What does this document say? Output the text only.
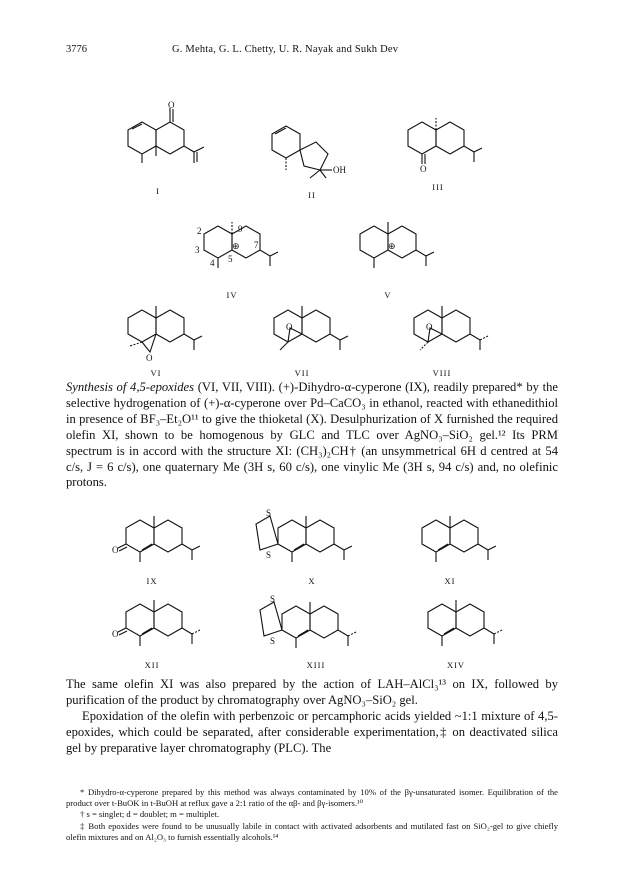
3776	G. Mehta, G. L. Chetty, U. R. Nayak and Sukh Dev
O
I
OH
II
O
III
⊕
2
3
4 5
7
9
IV
⊕
V
O
VI
O
VII
O
VIII

Synthesis of 4,5-epoxides (VI, VII, VIII). (+)-Dihydro-α-cyperone (IX), readily prepared* by the selective hydrogenation of (+)-α-cyperone over Pd–CaCO₃ in ethanol, reacted with ethanedithiol in presence of BF₃–Et₂O¹¹ to give the thioketal (X). Desulphurization of X furnished the required olefin XI, shown to be homogenous by GLC and TLC over AgNO₃–SiO₂ gel.¹² Its PRM spectrum is in accord with the structure XI: (CH₃)₂CH† (an unsymmetrical 6H d centred at 54 c/s, J = 6 c/s), one quaternary Me (3H s, 60 c/s), one vinylic Me (3H s, 94 c/s) and, no olefinic protons.

O
IX
S
S
X	XI
O
XII
S
S
XIII	XIV

The same olefin XI was also prepared by the action of LAH–AlCl₃¹³ on IX, followed by purification of the product by chromatography over AgNO₃–SiO₂ gel.

Epoxidation of the olefin with perbenzoic or percamphoric acids yielded ~1:1 mixture of 4,5-epoxides, which could be separated, after considerable experimentation,‡ on deactivated silica gel by preparative layer chromatography (PLC). The

* Dihydro-α-cyperone prepared by this method was always contaminated by 10% of the βγ-unsaturated isomer. Equilibration of the product over t-BuOK in t-BuOH at reflux gave a 2:1 ratio of the αβ- and βγ-isomers.¹⁰

† s = singlet; d = doublet; m = multiplet.

‡ Both epoxides were found to be unusually labile in contact with activated adsorbents and mutilated fast on SiO₂-gel to give chiefly olefin mixtures and on Al₂O₃ to furnish essentially alcohols.¹⁴
